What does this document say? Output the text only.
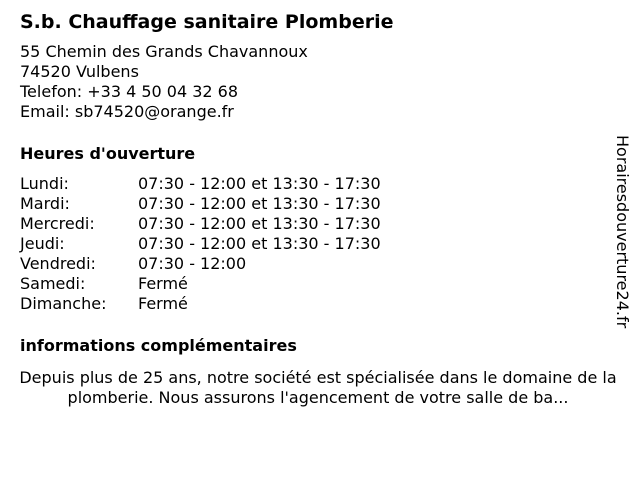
S.b. Chauffage sanitaire Plomberie
55 Chemin des Grands Chavannoux
74520 Vulbens
Telefon: +33 4 50 04 32 68
Email: sb74520@orange.fr
Heures d'ouverture
Lundi:	07:30 - 12:00 et 13:30 - 17:30
Mardi:	07:30 - 12:00 et 13:30 - 17:30
Mercredi:	07:30 - 12:00 et 13:30 - 17:30
Jeudi:	07:30 - 12:00 et 13:30 - 17:30
Vendredi:	07:30 - 12:00
Samedi:	Fermé
Dimanche:	Fermé
informations complémentaires
Depuis plus de 25 ans, notre société est spécialisée dans le domaine de la plomberie. Nous assurons l'agencement de votre salle de ba...
Horairesdouverture24.fr
